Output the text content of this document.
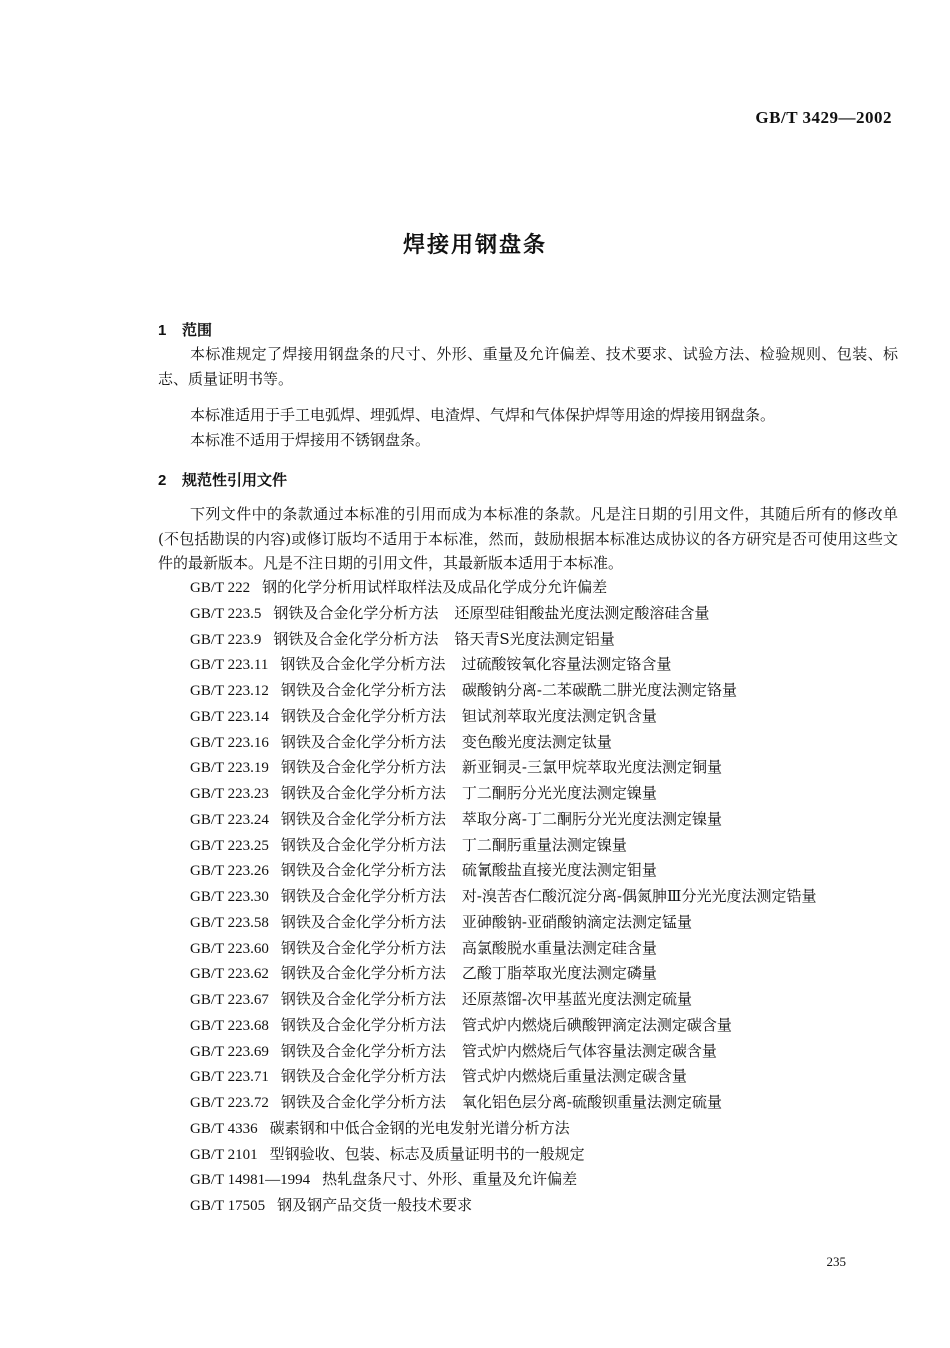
GB/T 3429—2002
焊接用钢盘条
1 范围

本标准规定了焊接用钢盘条的尺寸、外形、重量及允许偏差、技术要求、试验方法、检验规则、包装、标志、质量证明书等。

本标准适用于手工电弧焊、埋弧焊、电渣焊、气焊和气体保护焊等用途的焊接用钢盘条。

本标准不适用于焊接用不锈钢盘条。

2 规范性引用文件

下列文件中的条款通过本标准的引用而成为本标准的条款。凡是注日期的引用文件，其随后所有的修改单(不包括勘误的内容)或修订版均不适用于本标准，然而，鼓励根据本标准达成协议的各方研究是否可使用这些文件的最新版本。凡是不注日期的引用文件，其最新版本适用于本标准。

GB/T 222 钢的化学分析用试样取样法及成品化学成分允许偏差
GB/T 223.5 钢铁及合金化学分析方法 还原型硅钼酸盐光度法测定酸溶硅含量
GB/T 223.9 钢铁及合金化学分析方法 铬天青S光度法测定铝量
GB/T 223.11 钢铁及合金化学分析方法 过硫酸铵氧化容量法测定铬含量
GB/T 223.12 钢铁及合金化学分析方法 碳酸钠分离-二苯碳酰二肼光度法测定铬量
GB/T 223.14 钢铁及合金化学分析方法 钽试剂萃取光度法测定钒含量
GB/T 223.16 钢铁及合金化学分析方法 变色酸光度法测定钛量
GB/T 223.19 钢铁及合金化学分析方法 新亚铜灵-三氯甲烷萃取光度法测定铜量
GB/T 223.23 钢铁及合金化学分析方法 丁二酮肟分光光度法测定镍量
GB/T 223.24 钢铁及合金化学分析方法 萃取分离-丁二酮肟分光光度法测定镍量
GB/T 223.25 钢铁及合金化学分析方法 丁二酮肟重量法测定镍量
GB/T 223.26 钢铁及合金化学分析方法 硫氰酸盐直接光度法测定钼量
GB/T 223.30 钢铁及合金化学分析方法 对-溴苦杏仁酸沉淀分离-偶氮胂Ⅲ分光光度法测定锆量
GB/T 223.58 钢铁及合金化学分析方法 亚砷酸钠-亚硝酸钠滴定法测定锰量
GB/T 223.60 钢铁及合金化学分析方法 高氯酸脱水重量法测定硅含量
GB/T 223.62 钢铁及合金化学分析方法 乙酸丁脂萃取光度法测定磷量
GB/T 223.67 钢铁及合金化学分析方法 还原蒸馏-次甲基蓝光度法测定硫量
GB/T 223.68 钢铁及合金化学分析方法 管式炉内燃烧后碘酸钾滴定法测定碳含量
GB/T 223.69 钢铁及合金化学分析方法 管式炉内燃烧后气体容量法测定碳含量
GB/T 223.71 钢铁及合金化学分析方法 管式炉内燃烧后重量法测定碳含量
GB/T 223.72 钢铁及合金化学分析方法 氧化铝色层分离-硫酸钡重量法测定硫量
GB/T 4336 碳素钢和中低合金钢的光电发射光谱分析方法
GB/T 2101 型钢验收、包装、标志及质量证明书的一般规定
GB/T 14981—1994 热轧盘条尺寸、外形、重量及允许偏差
GB/T 17505 钢及钢产品交货一般技术要求
235
